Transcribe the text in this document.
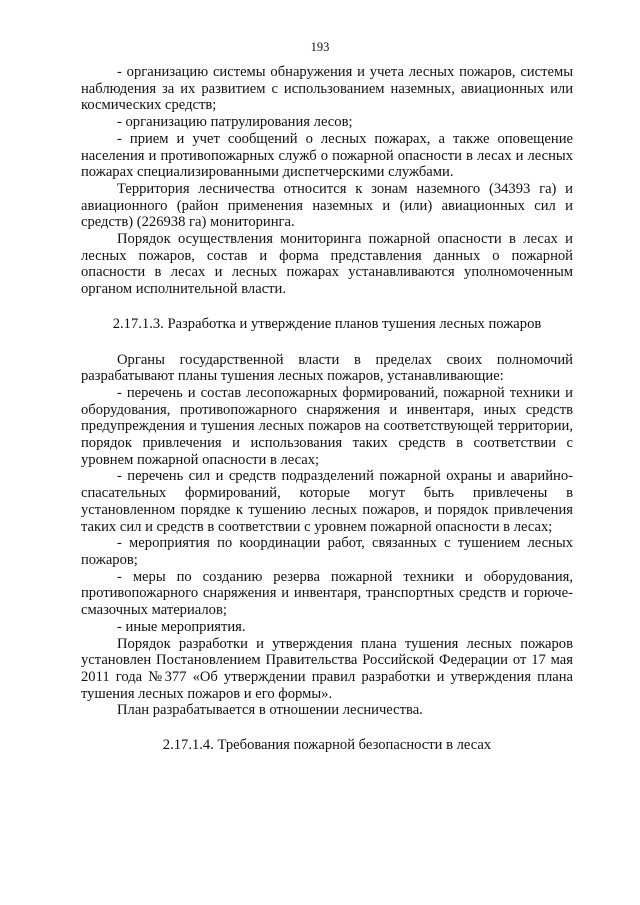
193

- организацию системы обнаружения и учета лесных пожаров, системы наблюдения за их развитием с использованием наземных, авиационных или космических средств;

- организацию патрулирования лесов;

- прием и учет сообщений о лесных пожарах, а также оповещение населения и противопожарных служб о пожарной опасности в лесах и лесных пожарах специализированными диспетчерскими службами.

Территория лесничества относится к зонам наземного (34393 га) и авиационного (район применения наземных и (или) авиационных сил и средств) (226938 га) мониторинга.

Порядок осуществления мониторинга пожарной опасности в лесах и лесных пожаров, состав и форма представления данных о пожарной опасности в лесах и лесных пожарах устанавливаются уполномоченным органом исполнительной власти.

2.17.1.3. Разработка и утверждение планов тушения лесных пожаров

Органы государственной власти в пределах своих полномочий разрабатывают планы тушения лесных пожаров, устанавливающие:

- перечень и состав лесопожарных формирований, пожарной техники и оборудования, противопожарного снаряжения и инвентаря, иных средств предупреждения и тушения лесных пожаров на соответствующей территории, порядок привлечения и использования таких средств в соответствии с уровнем пожарной опасности в лесах;

- перечень сил и средств подразделений пожарной охраны и аварийно-спасательных формирований, которые могут быть привлечены в установленном порядке к тушению лесных пожаров, и порядок привлечения таких сил и средств в соответствии с уровнем пожарной опасности в лесах;

- мероприятия по координации работ, связанных с тушением лесных пожаров;

- меры по созданию резерва пожарной техники и оборудования, противопожарного снаряжения и инвентаря, транспортных средств и горюче-смазочных материалов;

- иные мероприятия.

Порядок разработки и утверждения плана тушения лесных пожаров установлен Постановлением Правительства Российской Федерации от 17 мая 2011 года №377 «Об утверждении правил разработки и утверждения плана тушения лесных пожаров и его формы».

План разрабатывается в отношении лесничества.

2.17.1.4. Требования пожарной безопасности в лесах
